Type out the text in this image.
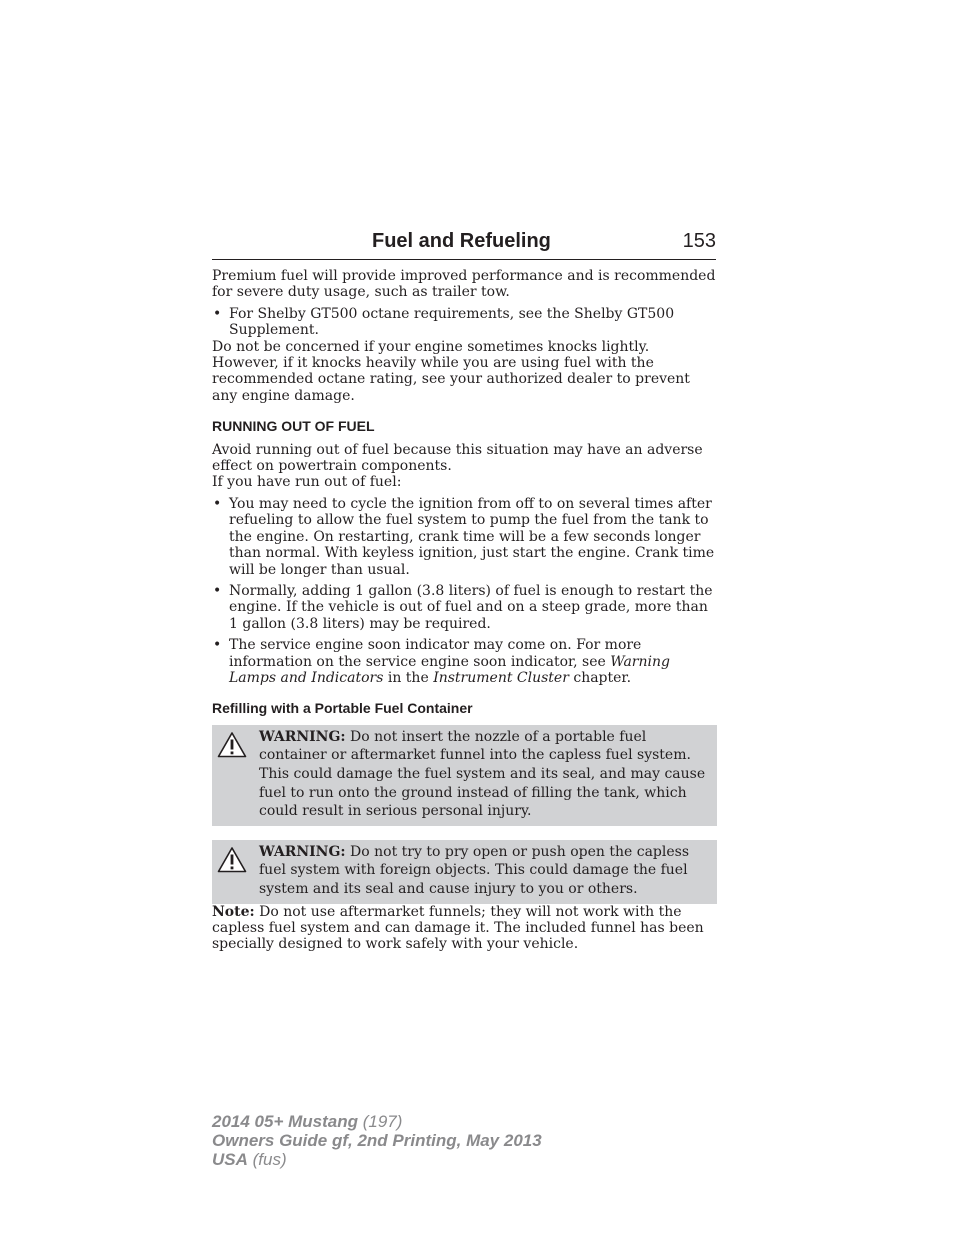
Fuel and Refueling	153

Premium fuel will provide improved performance and is recommended for severe duty usage, such as trailer tow.

• For Shelby GT500 octane requirements, see the Shelby GT500 Supplement.

Do not be concerned if your engine sometimes knocks lightly. However, if it knocks heavily while you are using fuel with the recommended octane rating, see your authorized dealer to prevent any engine damage.

RUNNING OUT OF FUEL

Avoid running out of fuel because this situation may have an adverse effect on powertrain components.

If you have run out of fuel:

• You may need to cycle the ignition from off to on several times after refueling to allow the fuel system to pump the fuel from the tank to the engine. On restarting, crank time will be a few seconds longer than normal. With keyless ignition, just start the engine. Crank time will be longer than usual.
• Normally, adding 1 gallon (3.8 liters) of fuel is enough to restart the engine. If the vehicle is out of fuel and on a steep grade, more than 1 gallon (3.8 liters) may be required.
• The service engine soon indicator may come on. For more information on the service engine soon indicator, see Warning Lamps and Indicators in the Instrument Cluster chapter.
Refilling with a Portable Fuel Container
WARNING: Do not insert the nozzle of a portable fuel container or aftermarket funnel into the capless fuel system. This could damage the fuel system and its seal, and may cause fuel to run onto the ground instead of filling the tank, which could result in serious personal injury.
WARNING: Do not try to pry open or push open the capless fuel system with foreign objects. This could damage the fuel system and its seal and cause injury to you or others.

Note: Do not use aftermarket funnels; they will not work with the capless fuel system and can damage it. The included funnel has been specially designed to work safely with your vehicle.

2014 05+ Mustang (197)
Owners Guide gf, 2nd Printing, May 2013
USA (fus)
